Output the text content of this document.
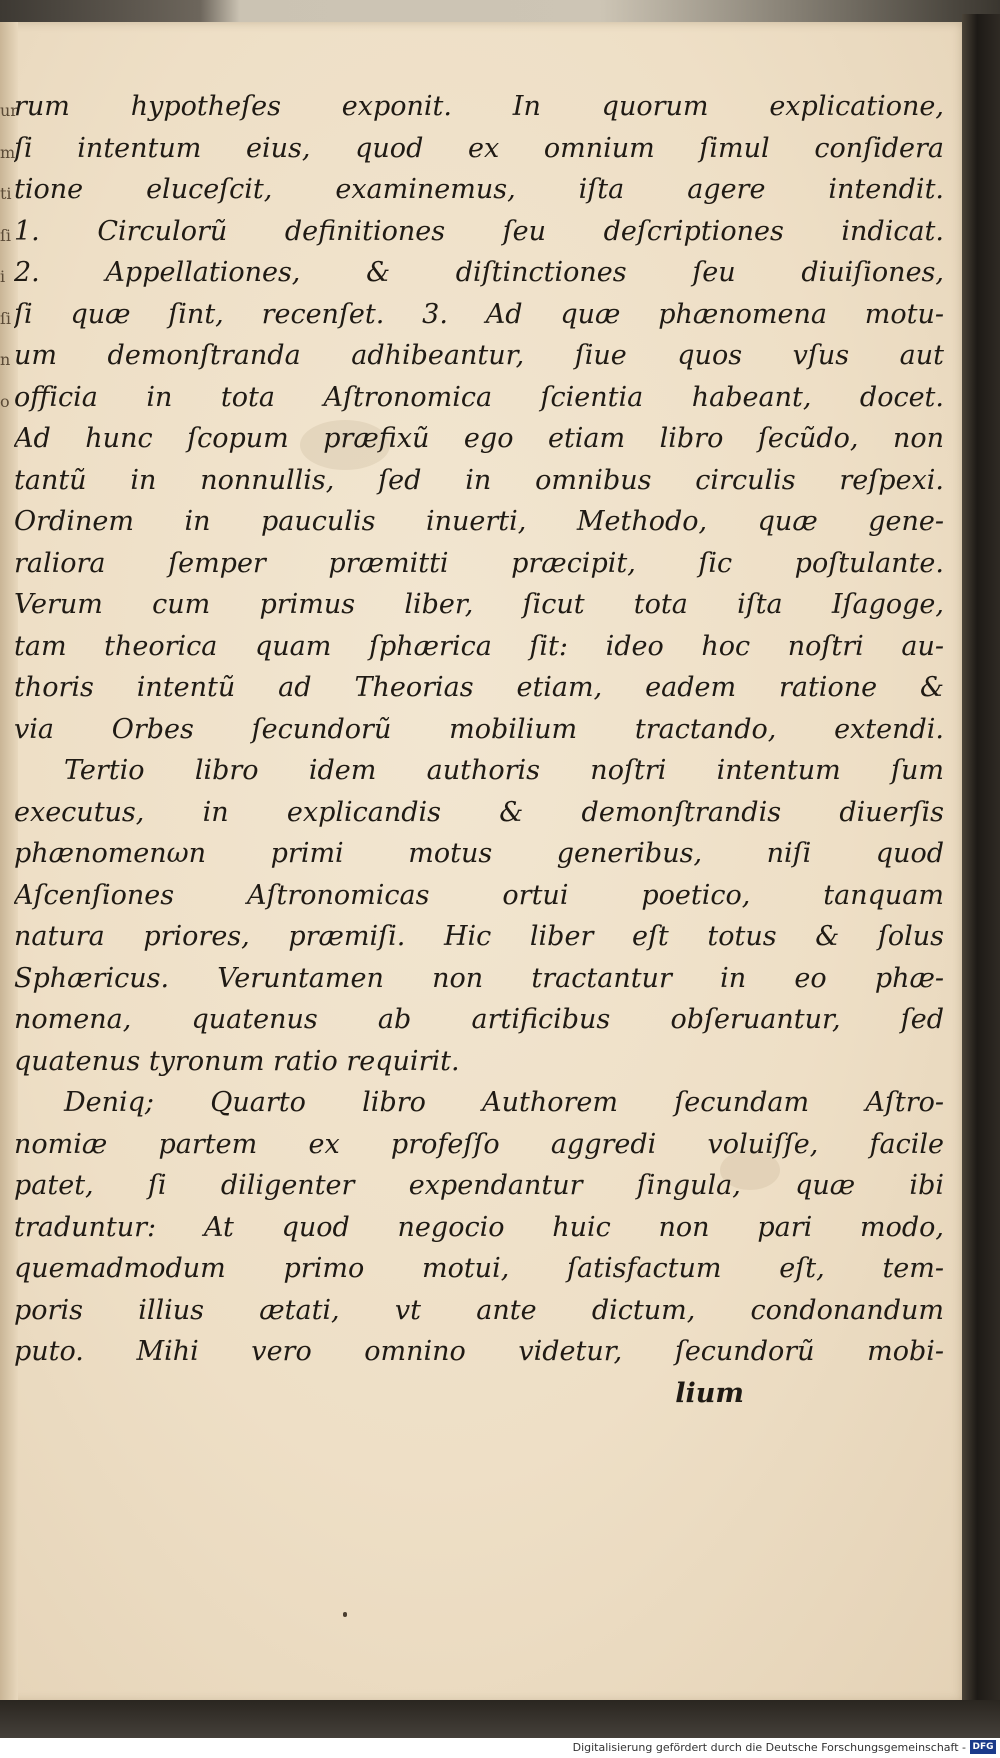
ur
m
ti
ſi
i
ſi
n
o
rum hypotheſes exponit. In quorum explicatione,
ſi intentum eius, quod ex omnium ſimul conſidera
tione eluceſcit, examinemus, iſta agere intendit.
1. Circulorũ definitiones ſeu deſcriptiones indicat.
2. Appellationes, & diſtinctiones ſeu diuiſiones,
ſi quæ ſint, recenſet. 3. Ad quæ phænomena motu-
um demonſtranda adhibeantur, ſiue quos vſus aut
officia in tota Aſtronomica ſcientia habeant, docet.
Ad hunc ſcopum præfixũ ego etiam libro ſecũdo, non
tantũ in nonnullis, ſed in omnibus circulis reſpexi.
Ordinem in pauculis inuerti, Methodo, quæ gene-
raliora ſemper præmitti præcipit, ſic poſtulante.
Verum cum primus liber, ſicut tota iſta Iſagoge,
tam theorica quam ſphærica ſit: ideo hoc noſtri au-
thoris intentũ ad Theorias etiam, eadem ratione &
via Orbes ſecundorũ mobilium tractando, extendi.
Tertio libro idem authoris noſtri intentum ſum
executus, in explicandis & demonſtrandis diuerſis
phænomenωn primi motus generibus, niſi quod
Aſcenſiones Aſtronomicas ortui poetico, tanquam
natura priores, præmiſi. Hic liber eſt totus & ſolus
Sphæricus. Veruntamen non tractantur in eo phæ-
nomena, quatenus ab artificibus obſeruantur, ſed
quatenus tyronum ratio requirit.
Deniq; Quarto libro Authorem ſecundam Aſtro-
nomiæ partem ex profeſſo aggredi voluiſſe, facile
patet, ſi diligenter expendantur ſingula, quæ ibi
traduntur: At quod negocio huic non pari modo,
quemadmodum primo motui, ſatisfactum eſt, tem-
poris illius ætati, vt ante dictum, condonandum
puto. Mihi vero omnino videtur, ſecundorũ mobi-
lium
Digitalisierung gefördert durch die Deutsche Forschungsgemeinschaft - DFG
